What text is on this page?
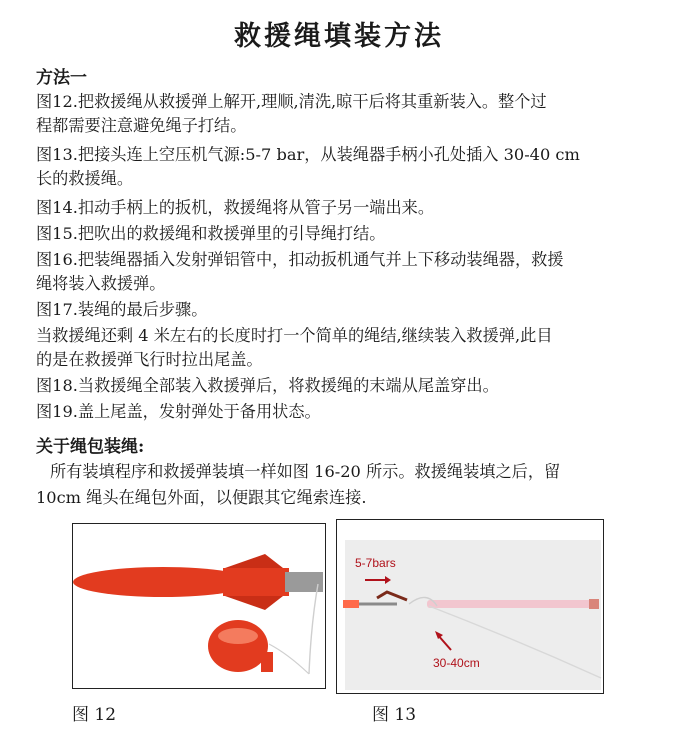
救援绳填装方法
方法一
图12.把救援绳从救援弹上解开,理顺,清洗,晾干后将其重新装入。整个过
程都需要注意避免绳子打结。
图13.把接头连上空压机气源:5-7 bar，从装绳器手柄小孔处插入 30-40 cm
长的救援绳。
图14.扣动手柄上的扳机，救援绳将从管子另一端出来。
图15.把吹出的救援绳和救援弹里的引导绳打结。
图16.把装绳器插入发射弹铝管中，扣动扳机通气并上下移动装绳器，救援
绳将装入救援弹。
图17.装绳的最后步骤。
当救援绳还剩 4 米左右的长度时打一个简单的绳结,继续装入救援弹,此目
的是在救援弹飞行时拉出尾盖。
图18.当救援绳全部装入救援弹后，将救援绳的末端从尾盖穿出。
图19.盖上尾盖，发射弹处于备用状态。
关于绳包装绳:
所有装填程序和救援弹装填一样如图 16-20 所示。救援绳装填之后，留
10cm 绳头在绳包外面，以便跟其它绳索连接.
图 12
5-7bars
30-40cm
图 13
